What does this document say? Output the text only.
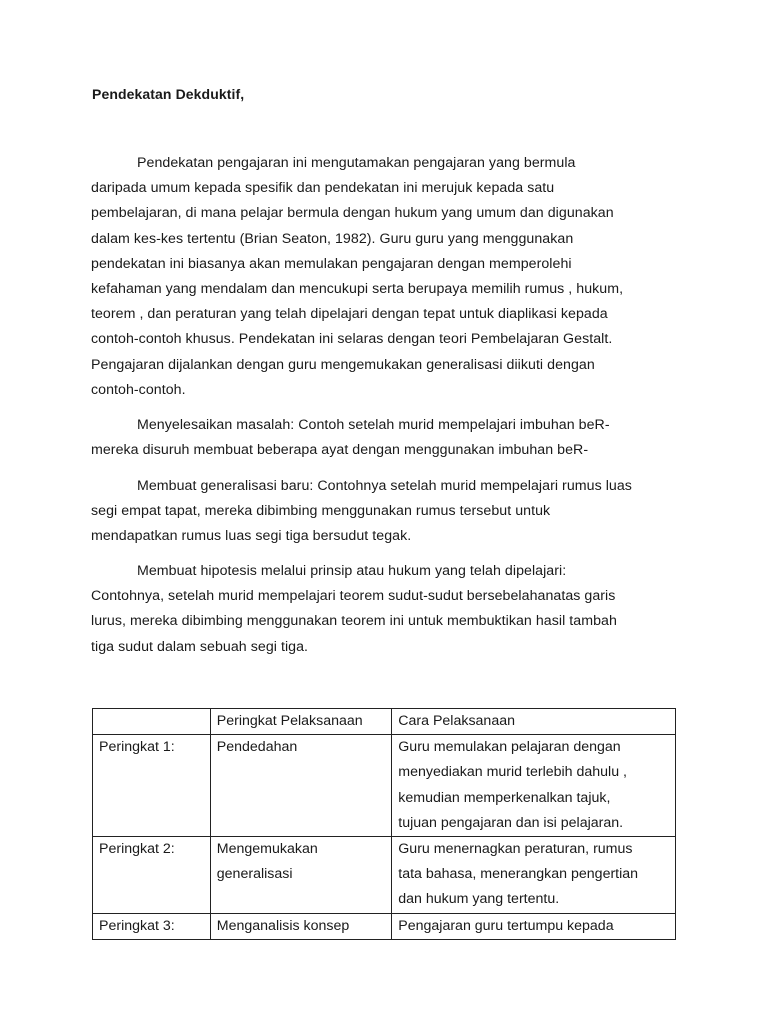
Pendekatan Dekduktif,
Pendekatan pengajaran ini mengutamakan pengajaran yang bermula
daripada umum kepada spesifik dan pendekatan ini merujuk kepada satu
pembelajaran, di mana pelajar bermula dengan hukum yang umum dan digunakan
dalam kes-kes tertentu (Brian Seaton, 1982). Guru guru yang menggunakan
pendekatan ini biasanya akan memulakan pengajaran dengan memperolehi
kefahaman yang mendalam dan mencukupi serta berupaya memilih rumus , hukum,
teorem , dan peraturan yang telah dipelajari dengan tepat untuk diaplikasi kepada
contoh-contoh khusus. Pendekatan ini selaras dengan teori Pembelajaran Gestalt.
Pengajaran dijalankan dengan guru mengemukakan generalisasi diikuti dengan
contoh-contoh.
Menyelesaikan masalah: Contoh setelah murid mempelajari imbuhan beR-
mereka disuruh membuat beberapa ayat dengan menggunakan imbuhan beR-
Membuat generalisasi baru: Contohnya setelah murid mempelajari rumus luas
segi empat tapat, mereka dibimbing menggunakan rumus tersebut untuk
mendapatkan rumus luas segi tiga bersudut tegak.
Membuat hipotesis melalui prinsip atau hukum yang telah dipelajari:
Contohnya, setelah murid mempelajari teorem sudut-sudut bersebelahanatas garis
lurus, mereka dibimbing menggunakan teorem ini untuk membuktikan hasil tambah
tiga sudut dalam sebuah segi tiga.
	Peringkat Pelaksanaan	Cara Pelaksanaan

Peringkat 1:	Pendedahan	Guru memulakan pelajaran dengan
menyediakan murid terlebih dahulu ,
kemudian memperkenalkan tajuk,
tujuan pengajaran dan isi pelajaran.

Peringkat 2:	Mengemukakan
generalisasi	Guru menernagkan peraturan, rumus
tata bahasa, menerangkan pengertian
dan hukum yang tertentu.

Peringkat 3:	Menganalisis konsep	Pengajaran guru tertumpu kepada
